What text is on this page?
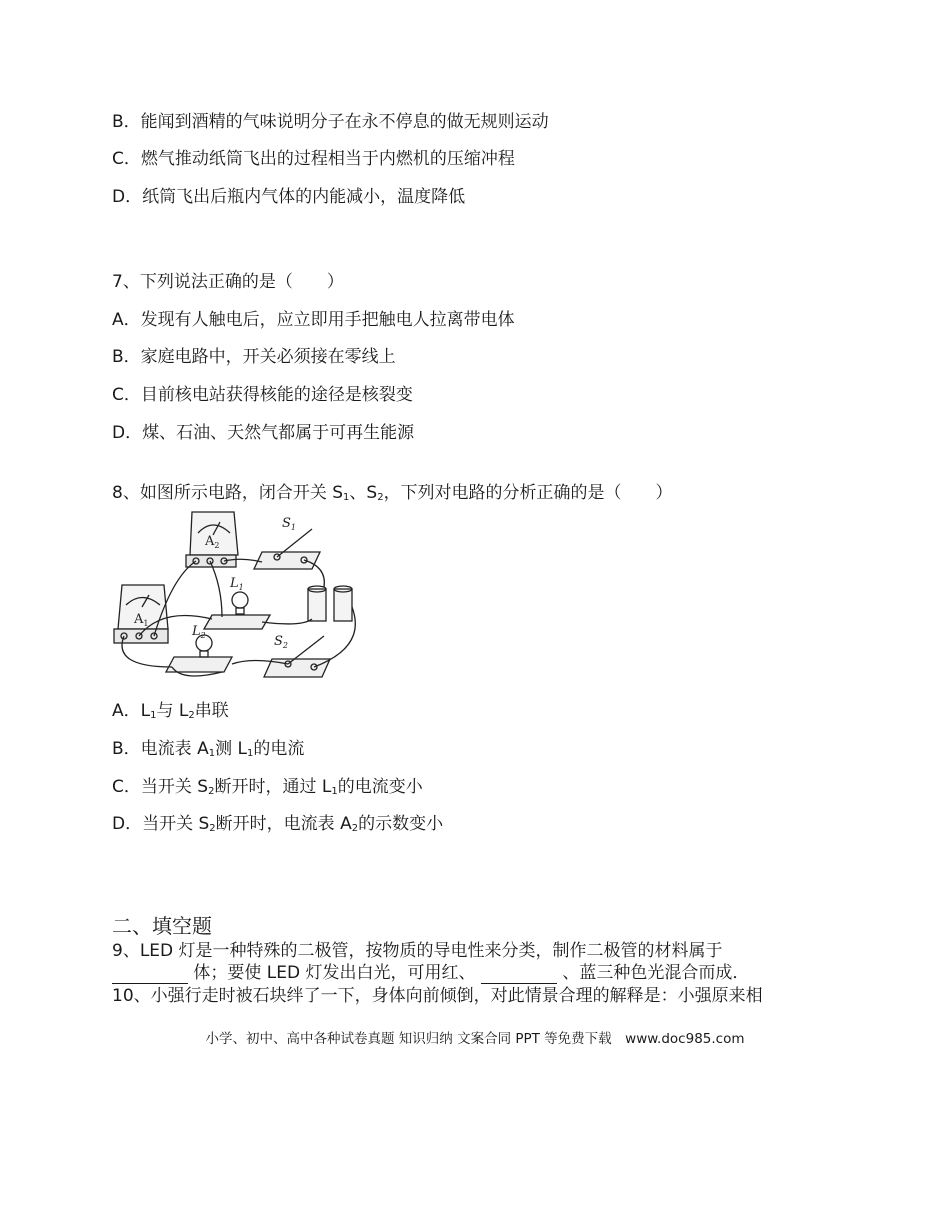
B．能闻到酒精的气味说明分子在永不停息的做无规则运动
C．燃气推动纸筒飞出的过程相当于内燃机的压缩冲程
D．纸筒飞出后瓶内气体的内能减小，温度降低
7、下列说法正确的是（　　）
A．发现有人触电后，应立即用手把触电人拉离带电体
B．家庭电路中，开关必须接在零线上
C．目前核电站获得核能的途径是核裂变
D．煤、石油、天然气都属于可再生能源
8、如图所示电路，闭合开关 $S_1$、$S_2$，下列对电路的分析正确的是（　　）
$A_2$
$A_1$
$S_1$
$S_2$
$L_1$
$L_2$
A．$L_1$与 $L_2$串联
B．电流表 $A_1$测 $L_1$的电流
C．当开关 $S_2$断开时，通过 $L_1$的电流变小
D．当开关 $S_2$断开时，电流表 $A_2$的示数变小
二、填空题
9、LED 灯是一种特殊的二极管，按物质的导电性来分类，制作二极管的材料属于
体；要使 LED 灯发出白光，可用红、	、蓝三种色光混合而成．
10、小强行走时被石块绊了一下，身体向前倾倒，对此情景合理的解释是：小强原来相
小学、初中、高中各种试卷真题 知识归纳 文案合同 PPT 等免费下载　www.doc985.com
